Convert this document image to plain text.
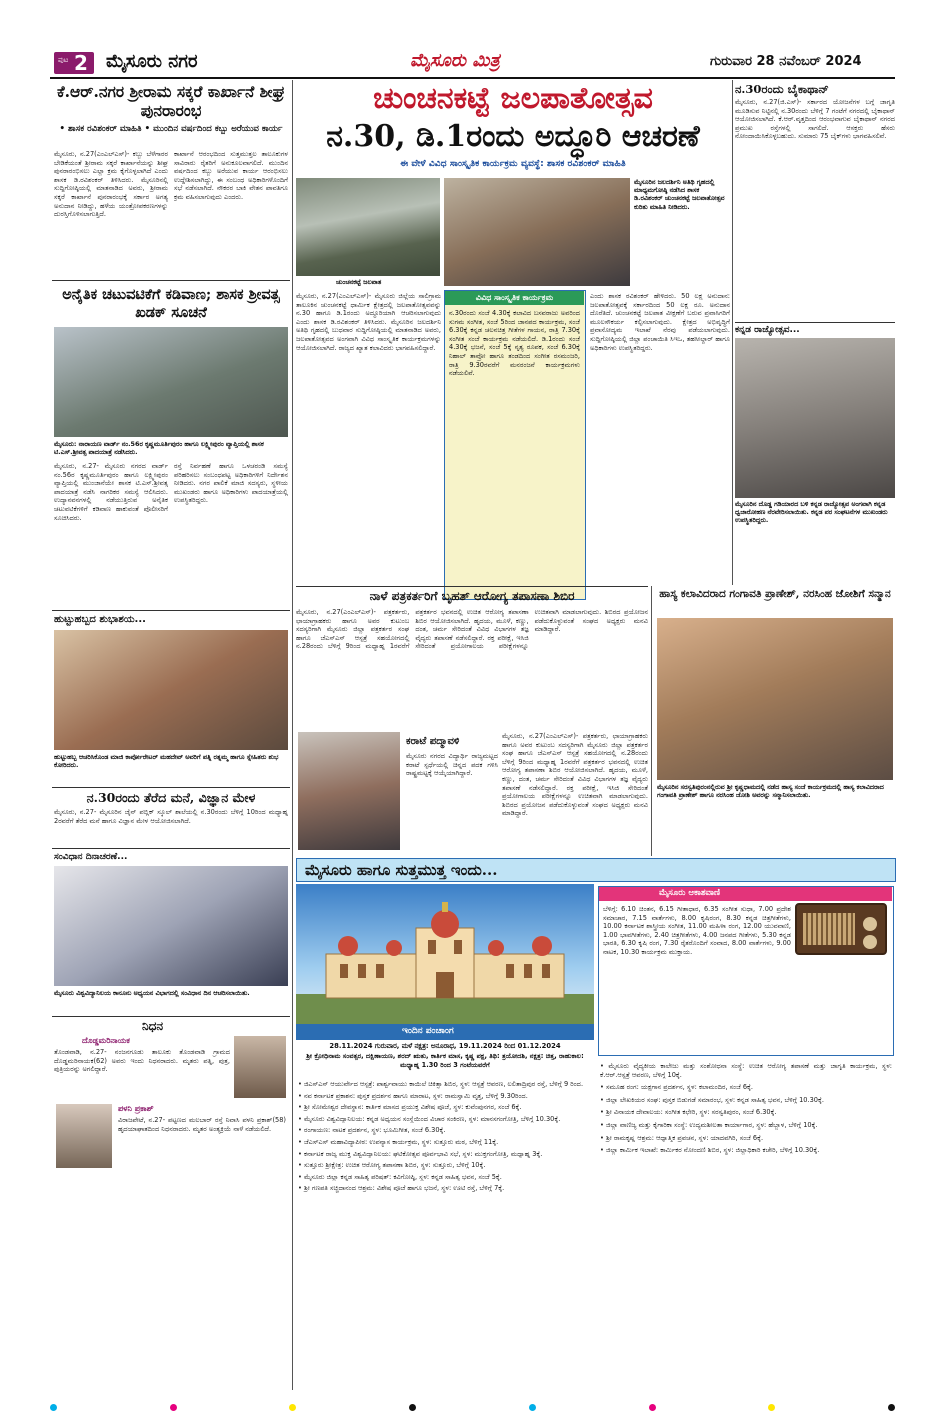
ಪುಟ 2 ಮೈಸೂರು ನಗರ	ಮೈಸೂರು ಮಿತ್ರ	ಗುರುವಾರ 28 ನವೆಂಬರ್ 2024
ಕೆ.ಆರ್.ನಗರ ಶ್ರೀರಾಮ ಸಕ್ಕರೆ ಕಾರ್ಖಾನೆ ಶೀಘ್ರ ಪುನರಾರಂಭ
• ಶಾಸಕ ರವಿಶಂಕರ್ ಮಾಹಿತಿ • ಮುಂದಿನ ವರ್ಷದಿಂದ ಕಬ್ಬು ಅರೆಯುವ ಕಾರ್ಯ
ಮೈಸೂರು, ನ.27(ಎಂಎಲ್‌ಎಸ್)- ಕಬ್ಬು ಬೆಳೆಗಾರರ ಬೇಡಿಕೆಯಂತೆ ಶ್ರೀರಾಮ ಸಕ್ಕರೆ ಕಾರ್ಖಾನೆಯನ್ನು ಶೀಘ್ರ ಪುನರಾರಂಭಿಸಲು ಎಲ್ಲಾ ಕ್ರಮ ಕೈಗೊಳ್ಳಲಾಗಿದೆ ಎಂದು ಶಾಸಕ ಡಿ.ರವಿಶಂಕರ್ ತಿಳಿಸಿದರು. ಮೈಸೂರಿನಲ್ಲಿ ಸುದ್ದಿಗೋಷ್ಠಿಯಲ್ಲಿ ಮಾತನಾಡಿದ ಅವರು, ಶ್ರೀರಾಮ ಸಕ್ಕರೆ ಕಾರ್ಖಾನೆ ಪುನರಾರಂಭಕ್ಕೆ ಸರ್ಕಾರ ಅಗತ್ಯ ಅನುದಾನ ನೀಡಿದ್ದು, ಹಳೆಯ ಯಂತ್ರೋಪಕರಣಗಳನ್ನು ದುರಸ್ತಿಗೊಳಿಸಲಾಗುತ್ತಿದೆ.
ಕಾರ್ಖಾನೆ ಆರಂಭದಿಂದ ಸುತ್ತಮುತ್ತಲ ತಾಲೂಕುಗಳ ಸಾವಿರಾರು ರೈತರಿಗೆ ಅನುಕೂಲವಾಗಲಿದೆ. ಮುಂದಿನ ವರ್ಷದಿಂದ ಕಬ್ಬು ಅರೆಯುವ ಕಾರ್ಯ ಆರಂಭಿಸಲು ಉದ್ದೇಶಿಸಲಾಗಿದ್ದು, ಈ ಸಂಬಂಧ ಅಧಿಕಾರಿಗಳೊಂದಿಗೆ ಸಭೆ ನಡೆಸಲಾಗಿದೆ. ನೌಕರರ ಬಾಕಿ ವೇತನ ಪಾವತಿಗೂ ಕ್ರಮ ವಹಿಸಲಾಗುವುದು ಎಂದರು.
ಅನೈತಿಕ ಚಟುವಟಿಕೆಗೆ ಕಡಿವಾಣ; ಶಾಸಕ ಶ್ರೀವತ್ಸ ಖಡಕ್ ಸೂಚನೆ
ಮೈಸೂರು: ನಾರಾಯಣ ವಾರ್ಡ್ ನಂ.56ರ ಕೃಷ್ಣಮೂರ್ತಿಪುರಂ ಹಾಗೂ ಲಕ್ಷ್ಮೀಪುರಂ ವ್ಯಾಪ್ತಿಯಲ್ಲಿ ಶಾಸಕ ಟಿ.ಎಸ್.ಶ್ರೀವತ್ಸ ಪಾದಯಾತ್ರೆ ನಡೆಸಿದರು.
ಮೈಸೂರು, ನ.27- ಮೈಸೂರು ನಗರದ ವಾರ್ಡ್ ನಂ.56ರ ಕೃಷ್ಣಮೂರ್ತಿಪುರಂ ಹಾಗೂ ಲಕ್ಷ್ಮೀಪುರಂ ವ್ಯಾಪ್ತಿಯಲ್ಲಿ ಮುಂಜಾನೆಯೇ ಶಾಸಕ ಟಿ.ಎಸ್.ಶ್ರೀವತ್ಸ ಪಾದಯಾತ್ರೆ ನಡೆಸಿ ನಾಗರಿಕರ ಸಮಸ್ಯೆ ಆಲಿಸಿದರು. ಉದ್ಯಾನವನಗಳಲ್ಲಿ ನಡೆಯುತ್ತಿರುವ ಅನೈತಿಕ ಚಟುವಟಿಕೆಗಳಿಗೆ ಕಡಿವಾಣ ಹಾಕುವಂತೆ ಪೊಲೀಸರಿಗೆ ಸೂಚಿಸಿದರು.
ರಸ್ತೆ ನಿರ್ವಹಣೆ ಹಾಗೂ ಒಳಚರಂಡಿ ಸಮಸ್ಯೆ ಪರಿಹರಿಸಲು ಸಂಬಂಧಪಟ್ಟ ಅಧಿಕಾರಿಗಳಿಗೆ ನಿರ್ದೇಶನ ನೀಡಿದರು. ನಗರ ಪಾಲಿಕೆ ಮಾಜಿ ಸದಸ್ಯರು, ಸ್ಥಳೀಯ ಮುಖಂಡರು ಹಾಗೂ ಅಧಿಕಾರಿಗಳು ಪಾದಯಾತ್ರೆಯಲ್ಲಿ ಉಪಸ್ಥಿತರಿದ್ದರು.
ಹುಟ್ಟುಹಬ್ಬದ ಶುಭಾಶಯ...
ಹುಟ್ಟುಹಬ್ಬ ಆಚರಿಸಿಕೊಂಡ ಮಾಜಿ ಕಾರ್ಪೋರೇಟರ್ ಮಹದೇವ್ ಅವರಿಗೆ ಪತ್ನಿ ರತ್ನಮ್ಮ ಹಾಗೂ ಸ್ನೇಹಿತರು ಶುಭ ಕೋರಿದರು.
ನ.30ರಂದು ತೆರೆದ ಮನೆ, ವಿಜ್ಞಾನ ಮೇಳ
ಮೈಸೂರು, ನ.27- ಮೈಸೂರಿನ ಜೈನ್ ಪಬ್ಲಿಕ್ ಸ್ಕೂಲ್ ಶಾಲೆಯಲ್ಲಿ ನ.30ರಂದು ಬೆಳಿಗ್ಗೆ 10ರಿಂದ ಮಧ್ಯಾಹ್ನ 2ರವರೆಗೆ ತೆರೆದ ಮನೆ ಹಾಗೂ ವಿಜ್ಞಾನ ಮೇಳ ಆಯೋಜಿಸಲಾಗಿದೆ.
ಸಂವಿಧಾನ ದಿನಾಚರಣೆ...
ಮೈಸೂರು ವಿಶ್ವವಿದ್ಯಾನಿಲಯ ಕಾನೂನು ಅಧ್ಯಯನ ವಿಭಾಗದಲ್ಲಿ ಸಂವಿಧಾನ ದಿನ ಆಚರಿಸಲಾಯಿತು.
ನಿಧನ
ದೊಡ್ಡಮರಿನಾಯಕ
ತೊಂಡವಾಡಿ, ನ.27- ನಂಜನಗೂಡು ತಾಲೂಕು ತೊಂಡವಾಡಿ ಗ್ರಾಮದ ದೊಡ್ಡಮರಿನಾಯಕ(62) ಅವರು ಇಂದು ನಿಧನರಾದರು. ಮೃತರು ಪತ್ನಿ, ಪುತ್ರ, ಪುತ್ರಿಯರನ್ನು ಅಗಲಿದ್ದಾರೆ.
ಪಳನಿ ಪ್ರಕಾಶ್
ವಿರಾಜಪೇಟೆ, ನ.27- ಪಟ್ಟಣದ ಮಲಬಾರ್ ರಸ್ತೆ ನಿವಾಸಿ ಪಳನಿ ಪ್ರಕಾಶ್(58) ಹೃದಯಾಘಾತದಿಂದ ನಿಧನರಾದರು. ಮೃತರ ಅಂತ್ಯಕ್ರಿಯೆ ನಾಳೆ ನಡೆಯಲಿದೆ.
ಚುಂಚನಕಟ್ಟೆ ಜಲಪಾತೋತ್ಸವ
ನ.30, ಡಿ.1ರಂದು ಅದ್ಧೂರಿ ಆಚರಣೆ
ಈ ವೇಳೆ ವಿವಿಧ ಸಾಂಸ್ಕೃತಿಕ ಕಾರ್ಯಕ್ರಮ ವ್ಯವಸ್ಥೆ: ಶಾಸಕ ರವಿಶಂಕರ್ ಮಾಹಿತಿ
ಚುಂಚನಕಟ್ಟೆ ಜಲಪಾತ
ಮೈಸೂರಿನ ಜಲದರ್ಶಿನಿ ಅತಿಥಿ ಗೃಹದಲ್ಲಿ ಮಾಧ್ಯಮಗೋಷ್ಠಿ ನಡೆಸಿದ ಶಾಸಕ ಡಿ.ರವಿಶಂಕರ್ ಚುಂಚನಕಟ್ಟೆ ಜಲಪಾತೋತ್ಸವ ಕುರಿತು ಮಾಹಿತಿ ನೀಡಿದರು.
ಮೈಸೂರು, ನ.27(ಎಂಎಲ್‌ಎಸ್)- ಮೈಸೂರು ಜಿಲ್ಲೆಯ ಸಾಲಿಗ್ರಾಮ ತಾಲೂಕಿನ ಚುಂಚನಕಟ್ಟೆ ಧಾರ್ಮಿಕ ಕ್ಷೇತ್ರದಲ್ಲಿ ಜಲಪಾತೋತ್ಸವವನ್ನು ನ.30 ಹಾಗೂ ಡಿ.1ರಂದು ಅದ್ಧೂರಿಯಾಗಿ ಆಚರಿಸಲಾಗುವುದು ಎಂದು ಶಾಸಕ ಡಿ.ರವಿಶಂಕರ್ ತಿಳಿಸಿದರು. ಮೈಸೂರಿನ ಜಲದರ್ಶಿನಿ ಅತಿಥಿ ಗೃಹದಲ್ಲಿ ಬುಧವಾರ ಸುದ್ದಿಗೋಷ್ಠಿಯಲ್ಲಿ ಮಾತನಾಡಿದ ಅವರು, ಜಲಪಾತೋತ್ಸವದ ಅಂಗವಾಗಿ ವಿವಿಧ ಸಾಂಸ್ಕೃತಿಕ ಕಾರ್ಯಕ್ರಮಗಳನ್ನು ಆಯೋಜಿಸಲಾಗಿದೆ. ರಾಜ್ಯದ ಖ್ಯಾತ ಕಲಾವಿದರು ಭಾಗವಹಿಸಲಿದ್ದಾರೆ.
ವಿವಿಧ ಸಾಂಸ್ಕೃತಿಕ ಕಾರ್ಯಕ್ರಮ
ನ.30ರಂದು ಸಂಜೆ 4.30ಕ್ಕೆ ಕಲಾವಿದ ಬಸವರಾಜು ಅವರಿಂದ ಸುಗಮ ಸಂಗೀತ, ಸಂಜೆ 5ರಿಂದ ಜಾನಪದ ಕಾರ್ಯಕ್ರಮ, ಸಂಜೆ 6.30ಕ್ಕೆ ಕನ್ನಡ ಚಲನಚಿತ್ರ ಗೀತೆಗಳ ಗಾಯನ, ರಾತ್ರಿ 7.30ಕ್ಕೆ ಸಂಗೀತ ಸಂಜೆ ಕಾರ್ಯಕ್ರಮ ನಡೆಯಲಿದೆ. ಡಿ.1ರಂದು ಸಂಜೆ 4.30ಕ್ಕೆ ಭಜನೆ, ಸಂಜೆ 5ಕ್ಕೆ ನೃತ್ಯ ರೂಪಕ, ಸಂಜೆ 6.30ಕ್ಕೆ ನಿಹಾಲ್ ತಾವ್ರೋ ಹಾಗೂ ತಂಡದಿಂದ ಸಂಗೀತ ರಸಮಂಜರಿ, ರಾತ್ರಿ 9.30ರವರೆಗೆ ಮನರಂಜನೆ ಕಾರ್ಯಕ್ರಮಗಳು ನಡೆಯಲಿವೆ.
ಎಂದು ಶಾಸಕ ರವಿಶಂಕರ್ ಹೇಳಿದರು. 50 ಲಕ್ಷ ಅನುದಾನ: ಜಲಪಾತೋತ್ಸವಕ್ಕೆ ಸರ್ಕಾರದಿಂದ 50 ಲಕ್ಷ ರೂ. ಅನುದಾನ ದೊರೆತಿದೆ. ಚುಂಚನಕಟ್ಟೆ ಜಲಪಾತ ವೀಕ್ಷಣೆಗೆ ಬರುವ ಪ್ರವಾಸಿಗರಿಗೆ ಮೂಲಸೌಕರ್ಯ ಕಲ್ಪಿಸಲಾಗುವುದು. ಕ್ಷೇತ್ರದ ಅಭಿವೃದ್ಧಿಗೆ ಪ್ರವಾಸೋದ್ಯಮ ಇಲಾಖೆ ನೆರವು ಪಡೆಯಲಾಗುವುದು. ಸುದ್ದಿಗೋಷ್ಠಿಯಲ್ಲಿ ಜಿಲ್ಲಾ ಪಂಚಾಯಿತಿ ಸಿಇಒ, ತಹಸೀಲ್ದಾರ್ ಹಾಗೂ ಅಧಿಕಾರಿಗಳು ಉಪಸ್ಥಿತರಿದ್ದರು.
ನಾಳೆ ಪತ್ರಕರ್ತರಿಗೆ ಬೃಹತ್ ಆರೋಗ್ಯ ತಪಾಸಣಾ ಶಿಬಿರ
ಮೈಸೂರು, ನ.27(ಎಂಎಲ್‌ಎಸ್)- ಪತ್ರಕರ್ತರು, ಛಾಯಾಗ್ರಾಹಕರು ಹಾಗೂ ಅವರ ಕುಟುಂಬ ಸದಸ್ಯರಿಗಾಗಿ ಮೈಸೂರು ಜಿಲ್ಲಾ ಪತ್ರಕರ್ತರ ಸಂಘ ಹಾಗೂ ಜೆಎಸ್ಎಸ್ ಆಸ್ಪತ್ರೆ ಸಹಯೋಗದಲ್ಲಿ ನ.28ರಂದು ಬೆಳಿಗ್ಗೆ 9ರಿಂದ ಮಧ್ಯಾಹ್ನ 1ರವರೆಗೆ ಪತ್ರಕರ್ತರ ಭವನದಲ್ಲಿ ಉಚಿತ ಆರೋಗ್ಯ ತಪಾಸಣಾ ಶಿಬಿರ ಆಯೋಜಿಸಲಾಗಿದೆ. ಹೃದಯ, ಮೂಳೆ, ಕಣ್ಣು, ದಂತ, ಚರ್ಮ ಸೇರಿದಂತೆ ವಿವಿಧ ವಿಭಾಗಗಳ ತಜ್ಞ ವೈದ್ಯರು ತಪಾಸಣೆ ನಡೆಸಲಿದ್ದಾರೆ. ರಕ್ತ ಪರೀಕ್ಷೆ, ಇಸಿಜಿ ಸೇರಿದಂತೆ ಪ್ರಯೋಗಾಲಯ ಪರೀಕ್ಷೆಗಳನ್ನೂ ಉಚಿತವಾಗಿ ಮಾಡಲಾಗುವುದು. ಶಿಬಿರದ ಪ್ರಯೋಜನ ಪಡೆದುಕೊಳ್ಳುವಂತೆ ಸಂಘದ ಅಧ್ಯಕ್ಷರು ಮನವಿ ಮಾಡಿದ್ದಾರೆ.
ಕರಾಟೆ ಪದ್ಮಾವಳಿ
ಮೈಸೂರು ನಗರದ ವಿದ್ಯಾರ್ಥಿ ರಾಜ್ಯಮಟ್ಟದ ಕರಾಟೆ ಸ್ಪರ್ಧೆಯಲ್ಲಿ ಚಿನ್ನದ ಪದಕ ಗಳಿಸಿ ರಾಷ್ಟ್ರಮಟ್ಟಕ್ಕೆ ಆಯ್ಕೆಯಾಗಿದ್ದಾರೆ.
ಮೈಸೂರು, ನ.27(ಎಂಎಲ್‌ಎಸ್)- ಪತ್ರಕರ್ತರು, ಛಾಯಾಗ್ರಾಹಕರು ಹಾಗೂ ಅವರ ಕುಟುಂಬ ಸದಸ್ಯರಿಗಾಗಿ ಮೈಸೂರು ಜಿಲ್ಲಾ ಪತ್ರಕರ್ತರ ಸಂಘ ಹಾಗೂ ಜೆಎಸ್ಎಸ್ ಆಸ್ಪತ್ರೆ ಸಹಯೋಗದಲ್ಲಿ ನ.28ರಂದು ಬೆಳಿಗ್ಗೆ 9ರಿಂದ ಮಧ್ಯಾಹ್ನ 1ರವರೆಗೆ ಪತ್ರಕರ್ತರ ಭವನದಲ್ಲಿ ಉಚಿತ ಆರೋಗ್ಯ ತಪಾಸಣಾ ಶಿಬಿರ ಆಯೋಜಿಸಲಾಗಿದೆ. ಹೃದಯ, ಮೂಳೆ, ಕಣ್ಣು, ದಂತ, ಚರ್ಮ ಸೇರಿದಂತೆ ವಿವಿಧ ವಿಭಾಗಗಳ ತಜ್ಞ ವೈದ್ಯರು ತಪಾಸಣೆ ನಡೆಸಲಿದ್ದಾರೆ. ರಕ್ತ ಪರೀಕ್ಷೆ, ಇಸಿಜಿ ಸೇರಿದಂತೆ ಪ್ರಯೋಗಾಲಯ ಪರೀಕ್ಷೆಗಳನ್ನೂ ಉಚಿತವಾಗಿ ಮಾಡಲಾಗುವುದು. ಶಿಬಿರದ ಪ್ರಯೋಜನ ಪಡೆದುಕೊಳ್ಳುವಂತೆ ಸಂಘದ ಅಧ್ಯಕ್ಷರು ಮನವಿ ಮಾಡಿದ್ದಾರೆ.
ಹಾಸ್ಯ ಕಲಾವಿದರಾದ ಗಂಗಾವತಿ ಪ್ರಾಣೇಶ್, ನರಸಿಂಹ ಜೋಶಿಗೆ ಸನ್ಮಾನ
ಮೈಸೂರಿನ ಸರಸ್ವತಿಪುರಂನಲ್ಲಿರುವ ಶ್ರೀ ಕೃಷ್ಣಧಾಮದಲ್ಲಿ ನಡೆದ ಹಾಸ್ಯ ಸಂಜೆ ಕಾರ್ಯಕ್ರಮದಲ್ಲಿ ಹಾಸ್ಯ ಕಲಾವಿದರಾದ ಗಂಗಾವತಿ ಪ್ರಾಣೇಶ್ ಹಾಗೂ ನರಸಿಂಹ ಜೋಶಿ ಅವರನ್ನು ಸನ್ಮಾನಿಸಲಾಯಿತು.
ನ.30ರಂದು ಬೈಕಾಥಾನ್
ಮೈಸೂರು, ನ.27(ಜಿ.ಎಸ್)- ಸರ್ಕಾರದ ಯೋಜನೆಗಳ ಬಗ್ಗೆ ಜಾಗೃತಿ ಮೂಡಿಸುವ ನಿಟ್ಟಿನಲ್ಲಿ ನ.30ರಂದು ಬೆಳಿಗ್ಗೆ 7 ಗಂಟೆಗೆ ನಗರದಲ್ಲಿ ಬೈಕಾಥಾನ್ ಆಯೋಜಿಸಲಾಗಿದೆ. ಕೆ.ಆರ್.ವೃತ್ತದಿಂದ ಆರಂಭವಾಗುವ ಬೈಕಾಥಾನ್ ನಗರದ ಪ್ರಮುಖ ರಸ್ತೆಗಳಲ್ಲಿ ಸಾಗಲಿದೆ. ಆಸಕ್ತರು ಹೆಸರು ನೋಂದಾಯಿಸಿಕೊಳ್ಳಬಹುದು. ಸುಮಾರು 75 ಬೈಕ್‌ಗಳು ಭಾಗವಹಿಸಲಿವೆ.
ಕನ್ನಡ ರಾಜ್ಯೋತ್ಸವ...
ಮೈಸೂರಿನ ದೊಡ್ಡ ಗಡಿಯಾರದ ಬಳಿ ಕನ್ನಡ ರಾಜ್ಯೋತ್ಸವ ಅಂಗವಾಗಿ ಕನ್ನಡ ಧ್ವಜಾರೋಹಣ ನೆರವೇರಿಸಲಾಯಿತು. ಕನ್ನಡ ಪರ ಸಂಘಟನೆಗಳ ಮುಖಂಡರು ಉಪಸ್ಥಿತರಿದ್ದರು.
ಮೈಸೂರು ಹಾಗೂ ಸುತ್ತಮುತ್ತ ಇಂದು...
ಇಂದಿನ ಪಂಚಾಂಗ
28.11.2024 ಗುರುವಾರ, ಮಳೆ ನಕ್ಷತ್ರ: ಅನೂರಾಧ, 19.11.2024 ರಿಂದ 01.12.2024
ಶ್ರೀ ಕ್ರೋಧಿನಾಮ ಸಂವತ್ಸರ, ದಕ್ಷಿಣಾಯಣ, ಶರದ್ ಋತು, ಕಾರ್ತಿಕ ಮಾಸ, ಕೃಷ್ಣ ಪಕ್ಷ, ತಿಥಿ: ತ್ರಯೋದಶಿ, ನಕ್ಷತ್ರ: ಚಿತ್ತ, ರಾಹುಕಾಲ: ಮಧ್ಯಾಹ್ನ 1.30 ರಿಂದ 3 ಗಂಟೆಯವರೆಗೆ
• ಜಿಎಸ್ಎಸ್ ಆಯುರ್ವೇದ ಆಸ್ಪತ್ರೆ: ಪಾರ್ಶ್ವವಾಯು ಕಾಯಿಲೆ ಚಿಕಿತ್ಸಾ ಶಿಬಿರ, ಸ್ಥಳ: ಆಸ್ಪತ್ರೆ ಆವರಣ, ಲಲಿತಾದ್ರಿಪುರ ರಸ್ತೆ, ಬೆಳಿಗ್ಗೆ 9 ರಿಂದ.
• ನವ ಕರ್ನಾಟಕ ಪ್ರಕಾಶನ: ಪುಸ್ತಕ ಪ್ರದರ್ಶನ ಹಾಗೂ ಮಾರಾಟ, ಸ್ಥಳ: ರಾಮಸ್ವಾಮಿ ವೃತ್ತ, ಬೆಳಿಗ್ಗೆ 9.30ರಿಂದ.
• ಶ್ರೀ ಸೋಮೇಶ್ವರ ದೇವಸ್ಥಾನ: ಕಾರ್ತಿಕ ಮಾಸದ ಪ್ರಯುಕ್ತ ವಿಶೇಷ ಪೂಜೆ, ಸ್ಥಳ: ಕುವೆಂಪುನಗರ, ಸಂಜೆ 6ಕ್ಕೆ.
• ಮೈಸೂರು ವಿಶ್ವವಿದ್ಯಾನಿಲಯ: ಕನ್ನಡ ಅಧ್ಯಯನ ಸಂಸ್ಥೆಯಿಂದ ವಿಚಾರ ಸಂಕಿರಣ, ಸ್ಥಳ: ಮಾನಸಗಂಗೋತ್ರಿ, ಬೆಳಿಗ್ಗೆ 10.30ಕ್ಕೆ.
• ರಂಗಾಯಣ: ನಾಟಕ ಪ್ರದರ್ಶನ, ಸ್ಥಳ: ಭೂಮಿಗೀತ, ಸಂಜೆ 6.30ಕ್ಕೆ.
• ಜೆಎಸ್ಎಸ್ ಮಹಾವಿದ್ಯಾಪೀಠ: ಉಪನ್ಯಾಸ ಕಾರ್ಯಕ್ರಮ, ಸ್ಥಳ: ಸುತ್ತೂರು ಮಠ, ಬೆಳಿಗ್ಗೆ 11ಕ್ಕೆ.
• ಕರ್ನಾಟಕ ರಾಜ್ಯ ಮುಕ್ತ ವಿಶ್ವವಿದ್ಯಾನಿಲಯ: ಘಟಿಕೋತ್ಸವ ಪೂರ್ವಭಾವಿ ಸಭೆ, ಸ್ಥಳ: ಮುಕ್ತಗಂಗೋತ್ರಿ, ಮಧ್ಯಾಹ್ನ 3ಕ್ಕೆ.
• ಸುತ್ತೂರು ಶ್ರೀಕ್ಷೇತ್ರ: ಉಚಿತ ಆರೋಗ್ಯ ತಪಾಸಣಾ ಶಿಬಿರ, ಸ್ಥಳ: ಸುತ್ತೂರು, ಬೆಳಿಗ್ಗೆ 10ಕ್ಕೆ.
• ಮೈಸೂರು ಜಿಲ್ಲಾ ಕನ್ನಡ ಸಾಹಿತ್ಯ ಪರಿಷತ್: ಕವಿಗೋಷ್ಠಿ, ಸ್ಥಳ: ಕನ್ನಡ ಸಾಹಿತ್ಯ ಭವನ, ಸಂಜೆ 5ಕ್ಕೆ.
• ಶ್ರೀ ಗಣಪತಿ ಸಚ್ಚಿದಾನಂದ ಆಶ್ರಮ: ವಿಶೇಷ ಪೂಜೆ ಹಾಗೂ ಭಜನೆ, ಸ್ಥಳ: ಊಟಿ ರಸ್ತೆ, ಬೆಳಿಗ್ಗೆ 7ಕ್ಕೆ.
ಮೈಸೂರು ಆಕಾಶವಾಣಿ
ಬೆಳಿಗ್ಗೆ: 6.10 ಚಿಂತನ, 6.15 ಗೀತಾಧಾರ, 6.35 ಸಂಗೀತ ಸುಧಾ, 7.00 ಪ್ರದೇಶ ಸಮಾಚಾರ, 7.15 ವಾರ್ತೆಗಳು, 8.00 ಕೃಷಿರಂಗ, 8.30 ಕನ್ನಡ ಚಿತ್ರಗೀತೆಗಳು, 10.00 ಕರ್ನಾಟಕ ಶಾಸ್ತ್ರೀಯ ಸಂಗೀತ, 11.00 ಮಹಿಳಾ ರಂಗ, 12.00 ಯುವವಾಣಿ, 1.00 ಭಾವಗೀತೆಗಳು, 2.40 ಚಿತ್ರಗೀತೆಗಳು, 4.00 ಜನಪದ ಗೀತೆಗಳು, 5.30 ಕನ್ನಡ ಭಾರತಿ, 6.30 ಕೃಷಿ ರಂಗ, 7.30 ರೈತರೊಂದಿಗೆ ಸಂವಾದ, 8.00 ವಾರ್ತೆಗಳು, 9.00 ನಾಟಕ, 10.30 ಕಾರ್ಯಕ್ರಮ ಮುಕ್ತಾಯ.
• ಮೈಸೂರು ವೈದ್ಯಕೀಯ ಕಾಲೇಜು ಮತ್ತು ಸಂಶೋಧನಾ ಸಂಸ್ಥೆ: ಉಚಿತ ಆರೋಗ್ಯ ತಪಾಸಣೆ ಮತ್ತು ಜಾಗೃತಿ ಕಾರ್ಯಕ್ರಮ, ಸ್ಥಳ: ಕೆ.ಆರ್.ಆಸ್ಪತ್ರೆ ಆವರಣ, ಬೆಳಿಗ್ಗೆ 10ಕ್ಕೆ.
• ಸಮೂಹ ರಂಗ: ಯಕ್ಷಗಾನ ಪ್ರದರ್ಶನ, ಸ್ಥಳ: ಕಲಾಮಂದಿರ, ಸಂಜೆ 6ಕ್ಕೆ.
• ಜಿಲ್ಲಾ ಲೇಖಕಿಯರ ಸಂಘ: ಪುಸ್ತಕ ಬಿಡುಗಡೆ ಸಮಾರಂಭ, ಸ್ಥಳ: ಕನ್ನಡ ಸಾಹಿತ್ಯ ಭವನ, ಬೆಳಿಗ್ಗೆ 10.30ಕ್ಕೆ.
• ಶ್ರೀ ವಿನಾಯಕ ದೇವಾಲಯ: ಸಂಗೀತ ಕಛೇರಿ, ಸ್ಥಳ: ಸರಸ್ವತಿಪುರಂ, ಸಂಜೆ 6.30ಕ್ಕೆ.
• ಜಿಲ್ಲಾ ವಾಣಿಜ್ಯ ಮತ್ತು ಕೈಗಾರಿಕಾ ಸಂಸ್ಥೆ: ಉದ್ಯಮಶೀಲತಾ ಕಾರ್ಯಾಗಾರ, ಸ್ಥಳ: ಹೆಬ್ಬಾಳ, ಬೆಳಿಗ್ಗೆ 10ಕ್ಕೆ.
• ಶ್ರೀ ರಾಮಕೃಷ್ಣ ಆಶ್ರಮ: ಆಧ್ಯಾತ್ಮಿಕ ಪ್ರವಚನ, ಸ್ಥಳ: ಯಾದವಗಿರಿ, ಸಂಜೆ 6ಕ್ಕೆ.
• ಜಿಲ್ಲಾ ಕಾರ್ಮಿಕ ಇಲಾಖೆ: ಕಾರ್ಮಿಕರ ನೋಂದಣಿ ಶಿಬಿರ, ಸ್ಥಳ: ಜಿಲ್ಲಾಧಿಕಾರಿ ಕಚೇರಿ, ಬೆಳಿಗ್ಗೆ 10.30ಕ್ಕೆ.
